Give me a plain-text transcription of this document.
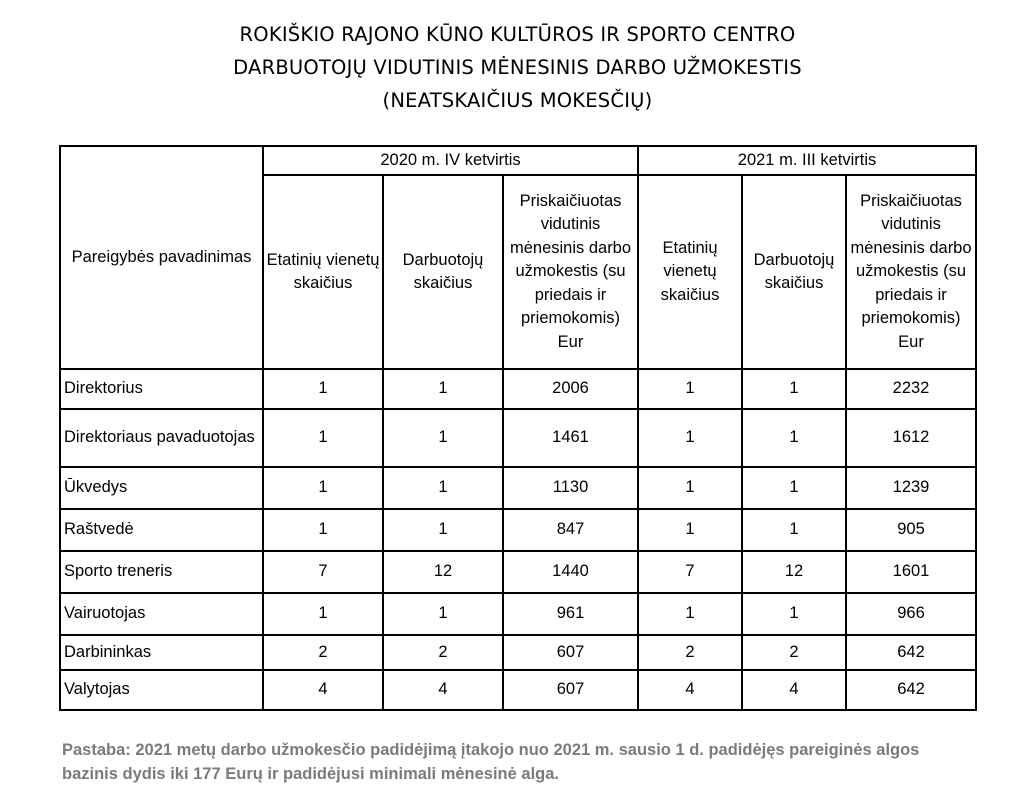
ROKIŠKIO RAJONO KŪNO KULTŪROS IR SPORTO CENTRO
DARBUOTOJŲ VIDUTINIS MĖNESINIS DARBO UŽMOKESTIS
(NEATSKAIČIUS MOKESČIŲ)
Pareigybės pavadinimas	2020 m. IV ketvirtis			2021 m. III ketvirtis		
	Etatinių vienetų skaičius	Darbuotojų skaičius	Priskaičiuotas vidutinis mėnesinis darbo užmokestis (su priedais ir priemokomis) Eur	Etatinių vienetų skaičius	Darbuotojų skaičius	Priskaičiuotas vidutinis mėnesinis darbo užmokestis (su priedais ir priemokomis) Eur
Direktorius	1	1	2006	1	1	2232
Direktoriaus pavaduotojas	1	1	1461	1	1	1612
Ūkvedys	1	1	1130	1	1	1239
Raštvedė	1	1	847	1	1	905
Sporto treneris	7	12	1440	7	12	1601
Vairuotojas	1	1	961	1	1	966
Darbininkas	2	2	607	2	2	642
Valytojas	4	4	607	4	4	642
Pastaba: 2021 metų darbo užmokesčio padidėjimą įtakojo nuo 2021 m. sausio 1 d. padidėjęs pareiginės algos bazinis dydis iki 177 Eurų ir padidėjusi minimali mėnesinė alga.
